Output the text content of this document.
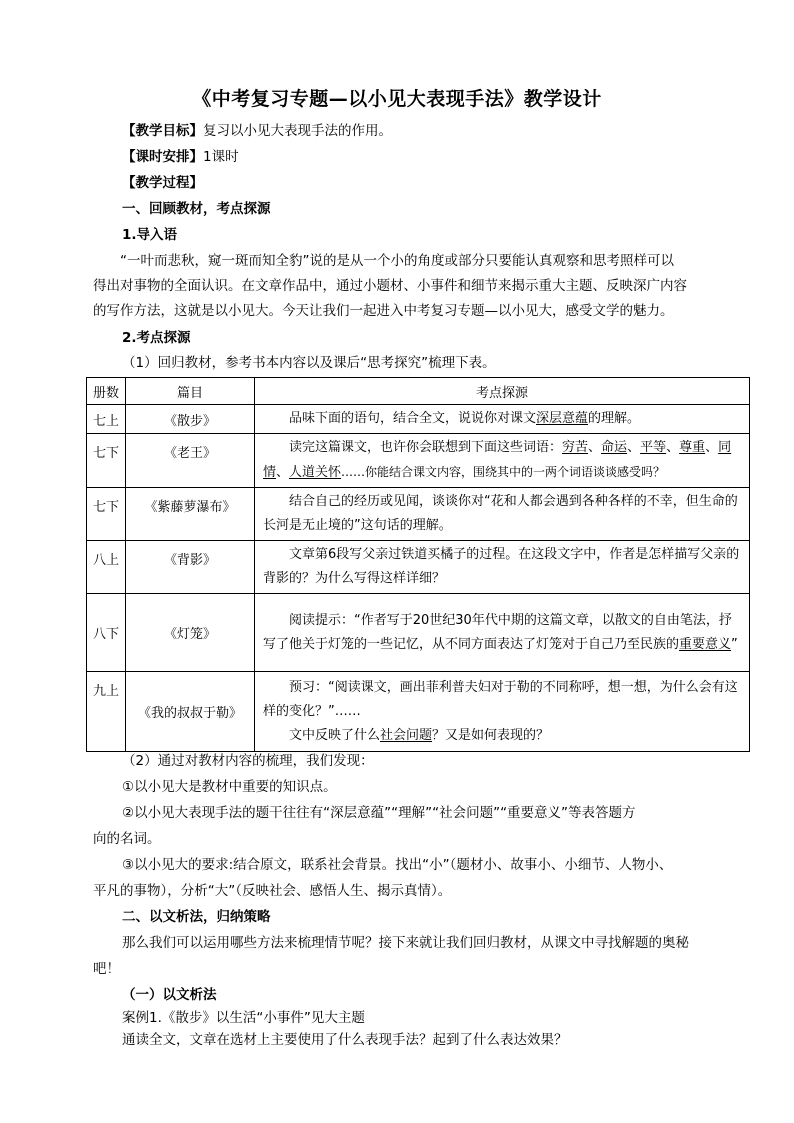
《中考复习专题—以小见大表现手法》教学设计
【教学目标】复习以小见大表现手法的作用。
【课时安排】1课时
【教学过程】
一、回顾教材，考点探源
1.导入语
“一叶而悲秋，窥一斑而知全豹”说的是从一个小的角度或部分只要能认真观察和思考照样可以
得出对事物的全面认识。在文章作品中，通过小题材、小事件和细节来揭示重大主题、反映深广内容
的写作方法，这就是以小见大。今天让我们一起进入中考复习专题—以小见大，感受文学的魅力。
2.考点探源
（1）回归教材，参考书本内容以及课后“思考探究”梳理下表。
册数	篇目	考点探源
七上	《散步》	品味下面的语句，结合全文，说说你对课文深层意蕴的理解。
七下	《老王》	读完这篇课文，也许你会联想到下面这些词语：穷苦、命运、平等、尊重、同情、人道关怀……你能结合课文内容，围绕其中的一两个词语谈谈感受吗？
七下	《紫藤萝瀑布》	结合自己的经历或见闻，谈谈你对“花和人都会遇到各种各样的不幸，但生命的长河是无止境的”这句话的理解。
八上	《背影》	文章第6段写父亲过铁道买橘子的过程。在这段文字中，作者是怎样描写父亲的背影的？为什么写得这样详细？
八下	《灯笼》	阅读提示：“作者写于20世纪30年代中期的这篇文章，以散文的自由笔法，抒写了他关于灯笼的一些记忆，从不同方面表达了灯笼对于自己乃至民族的重要意义”
九上	《我的叔叔于勒》	预习：“阅读课文，画出菲利普夫妇对于勒的不同称呼，想一想，为什么会有这样的变化？”……
文中反映了什么社会问题？又是如何表现的？
（2）通过对教材内容的梳理，我们发现：
①以小见大是教材中重要的知识点。
②以小见大表现手法的题干往往有“深层意蕴”“理解”“社会问题”“重要意义”等表答题方
向的名词。
③以小见大的要求:结合原文，联系社会背景。找出“小”（题材小、故事小、小细节、人物小、
平凡的事物），分析“大”（反映社会、感悟人生、揭示真情）。
二、以文析法，归纳策略
那么我们可以运用哪些方法来梳理情节呢？接下来就让我们回归教材，从课文中寻找解题的奥秘
吧！
（一）以文析法
案例1.《散步》以生活“小事件”见大主题
通读全文，文章在选材上主要使用了什么表现手法？起到了什么表达效果？
